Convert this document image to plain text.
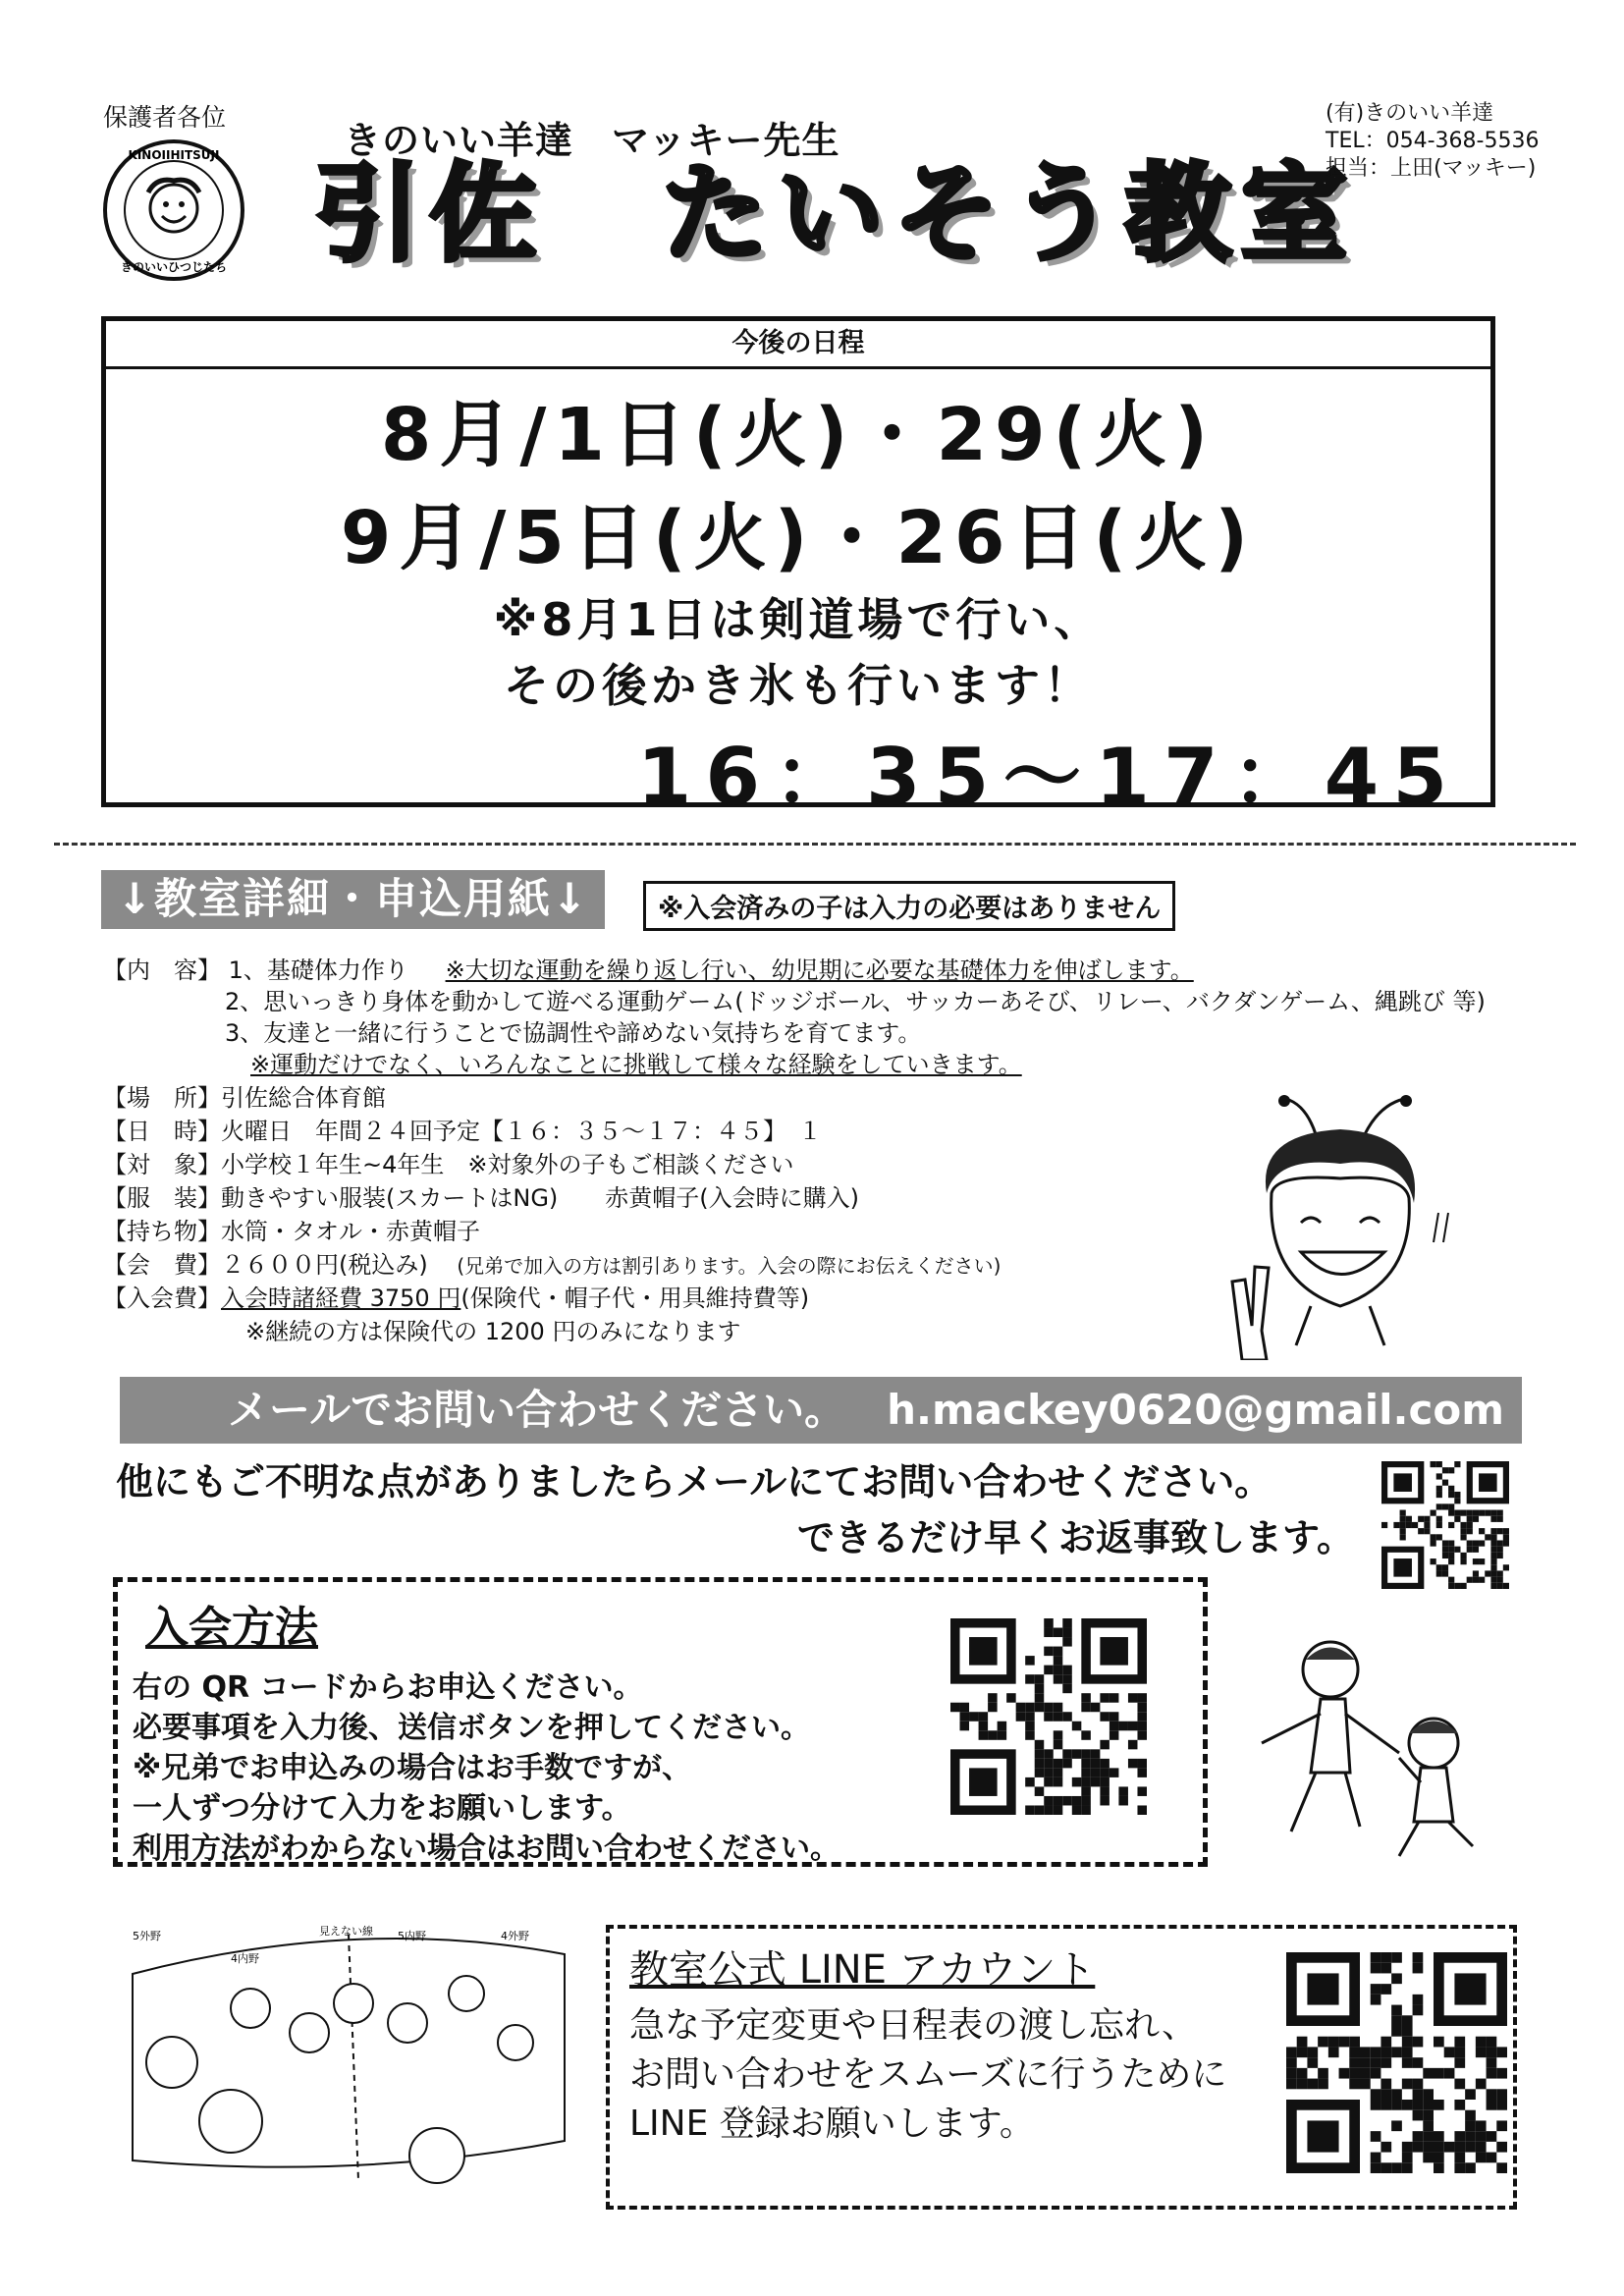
保護者各位
KINOIIHITSUJI
きのいいひつじたち
きのいい羊達　マッキー先生
引佐　たいそう教室
(有)きのいい羊達
TEL：054-368-5536
担当：上田(マッキー)
今後の日程
8月/1日(火)・29(火)
9月/5日(火)・26日(火)
※8月1日は剣道場で行い、
その後かき氷も行います！
16：35～17：45
↓教室詳細・申込用紙↓	※入会済みの子は入力の必要はありません
【内　容】 1、基礎体力作り ※大切な運動を繰り返し行い、幼児期に必要な基礎体力を伸ばします。
2、思いっきり身体を動かして遊べる運動ゲーム(ドッジボール、サッカーあそび、リレー、バクダンゲーム、縄跳び 等)
3、友達と一緒に行うことで協調性や諦めない気持ちを育てます。
※運動だけでなく、いろんなことに挑戦して様々な経験をしていきます。
【場　所】引佐総合体育館
【日　時】火曜日　年間２４回予定【１６：３５～１７：４５】　１
【対　象】小学校１年生~4年生　※対象外の子もご相談ください
【服　装】動きやすい服装(スカートはNG)　　赤黄帽子(入会時に購入)
【持ち物】水筒・タオル・赤黄帽子
【会　費】２６００円(税込み) (兄弟で加入の方は割引あります。入会の際にお伝えください)
【入会費】入会時諸経費 3750 円(保険代・帽子代・用具維持費等)
※継続の方は保険代の 1200 円のみになります
メールでお問い合わせください。 h.mackey0620@gmail.com
他にもご不明な点がありましたらメールにてお問い合わせください。
できるだけ早くお返事致します。
入会方法
右の QR コードからお申込ください。
必要事項を入力後、送信ボタンを押してください。
※兄弟でお申込みの場合はお手数ですが、
一人ずつ分けて入力をお願いします。
利用方法がわからない場合はお問い合わせください。
5外野	見えない線 5内野
4内野
4外野
教室公式 LINE アカウント
急な予定変更や日程表の渡し忘れ、
お問い合わせをスムーズに行うために
LINE 登録お願いします。
